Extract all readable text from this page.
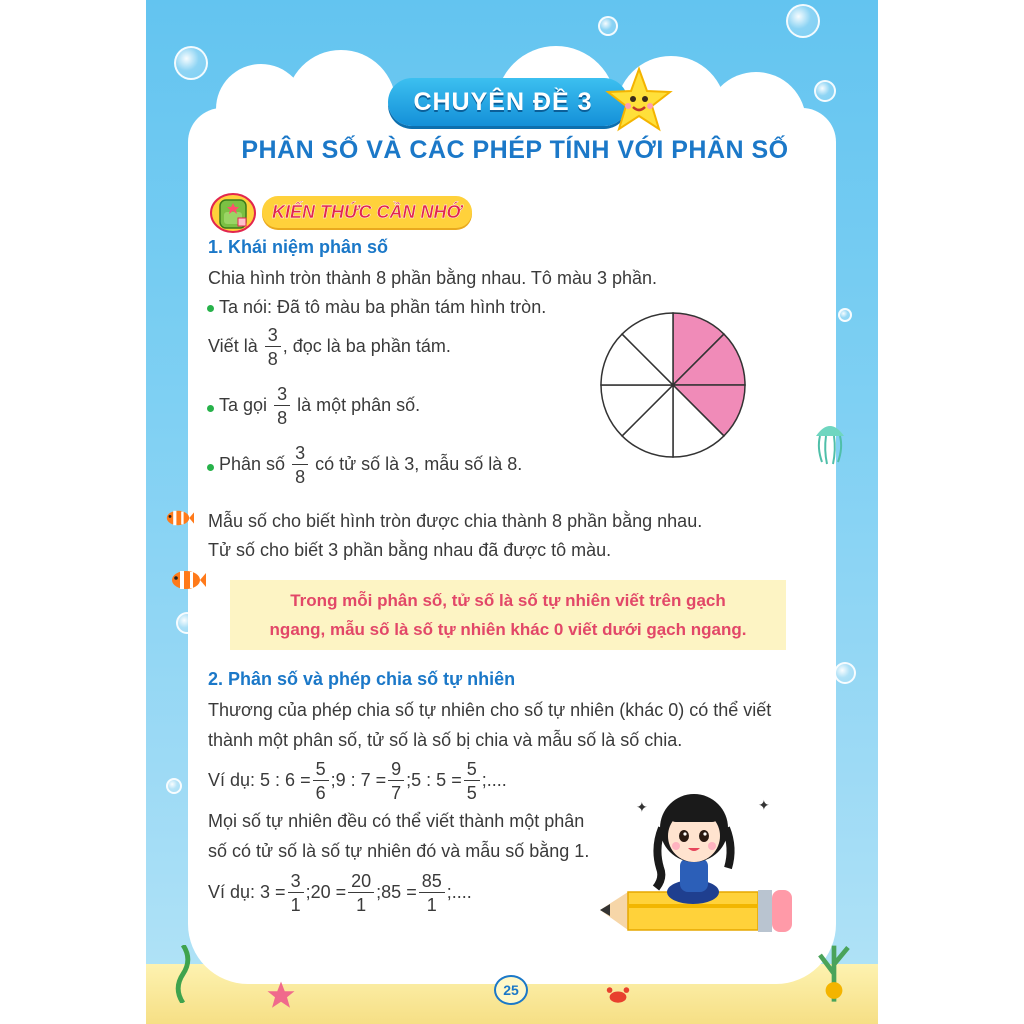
CHUYÊN ĐỀ 3
PHÂN SỐ VÀ CÁC PHÉP TÍNH VỚI PHÂN SỐ
KIẾN THỨC CẦN NHỚ
1. Khái niệm phân số
Chia hình tròn thành 8 phần bằng nhau. Tô màu 3 phần.
Ta nói: Đã tô màu ba phần tám hình tròn.
Viết là $\frac{3}{8}$ , đọc là ba phần tám.
Ta gọi $\frac{3}{8}$ là một phân số.
Phân số $\frac{3}{8}$ có tử số là 3, mẫu số là 8.
Mẫu số cho biết hình tròn được chia thành 8 phần bằng nhau.
Tử số cho biết 3 phần bằng nhau đã được tô màu.
Trong mỗi phân số, tử số là số tự nhiên viết trên gạch
ngang, mẫu số là số tự nhiên khác 0 viết dưới gạch ngang.
2. Phân số và phép chia số tự nhiên
Thương của phép chia số tự nhiên cho số tự nhiên (khác 0) có thể viết
thành một phân số, tử số là số bị chia và mẫu số là số chia.
Ví dụ: 5 : $6 = \frac{5}{6}$ ;9 : $7 = \frac{9}{7}$ ;5 : $5 = \frac{5}{5}$ ;....
Mọi số tự nhiên đều có thể viết thành một phân
số có tử số là số tự nhiên đó và mẫu số bằng 1.
Ví dụ: $3 = \frac{3}{1}$ ;20 = $\frac{20}{1}$ ;85 = $\frac{85}{1}$ ;....
✦	✦
25
